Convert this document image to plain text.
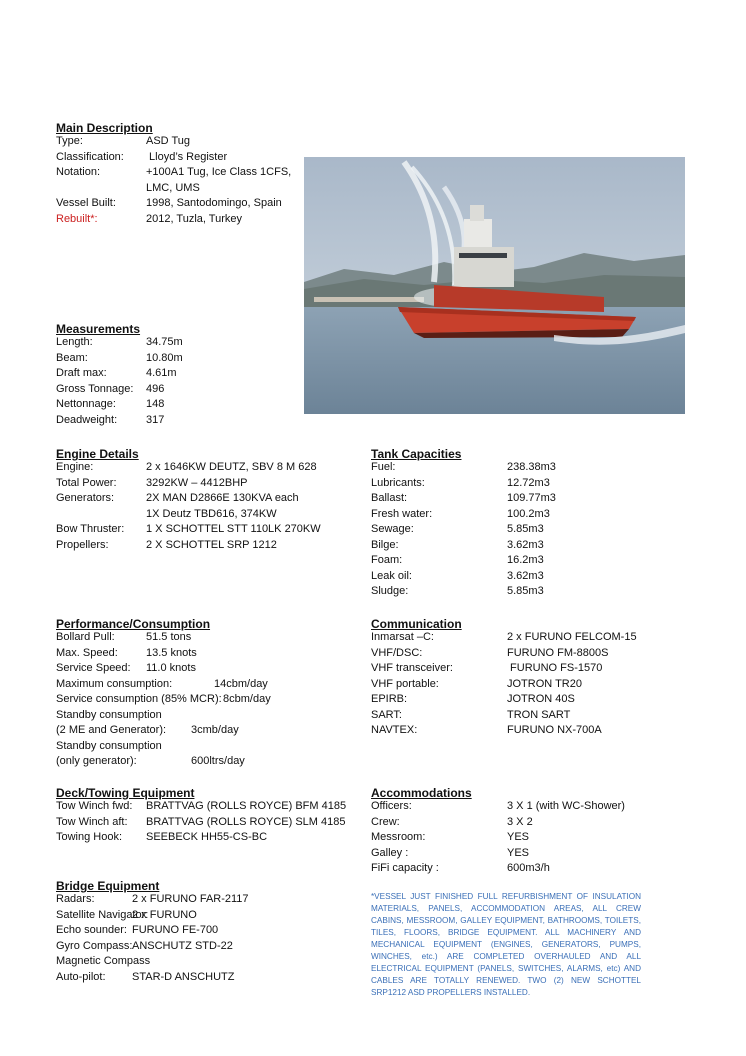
Main Description
Type:	ASD Tug
Classification: Lloyd’s Register
Notation:	+100A1 Tug, Ice Class 1CFS,
LMC, UMS
Vessel Built:	1998, Santodomingo, Spain
Rebuilt*:	2012, Tuzla, Turkey
Measurements
Length:	34.75m
Beam:	10.80m
Draft max:	4.61m
Gross Tonnage: 496
Nettonnage:	148
Deadweight:	317
Engine Details
Engine:	2 x 1646KW DEUTZ, SBV 8 M 628
Total Power:	3292KW – 4412BHP
Generators:	2X MAN D2866E 130KVA each
1X Deutz TBD616, 374KW
Bow Thruster: 1 X SCHOTTEL STT 110LK 270KW
Propellers:	2 X SCHOTTEL SRP 1212
Tank Capacities
Fuel:	238.38m3
Lubricants:	12.72m3
Ballast:	109.77m3
Fresh water:	100.2m3
Sewage:	5.85m3
Bilge:	3.62m3
Foam:	16.2m3
Leak oil:	3.62m3
Sludge:	5.85m3
Performance/Consumption
Bollard Pull:	51.5 tons
Max. Speed:	13.5 knots
Service Speed: 11.0 knots
Maximum consumption:	14cbm/day
Service consumption (85% MCR):8cbm/day
Standby consumption
(2 ME and Generator): 3cmb/day
Standby consumption
(only generator):	600ltrs/day
Communication
Inmarsat –C:	2 x FURUNO FELCOM-15
VHF/DSC:	FURUNO FM-8800S
VHF transceiver:	FURUNO FS-1570
VHF portable:	JOTRON TR20
EPIRB:	JOTRON 40S
SART:	TRON SART
NAVTEX:	FURUNO NX-700A
Deck/Towing Equipment
Tow Winch fwd: BRATTVAG (ROLLS ROYCE) BFM 4185
Tow Winch aft: BRATTVAG (ROLLS ROYCE) SLM 4185
Towing Hook: SEEBECK HH55-CS-BC
Accommodations
Officers:	3 X 1 (with WC-Shower)
Crew:	3 X 2
Messroom:	YES
Galley :	YES
FiFi capacity :	600m3/h
Bridge Equipment
Radars:	2 x FURUNO FAR-2117
Satellite Navigator:2 x FURUNO
Echo sounder: FURUNO FE-700
Gyro Compass:ANSCHUTZ STD-22
Magnetic Compass
Auto-pilot: STAR-D ANSCHUTZ
*VESSEL JUST FINISHED FULL REFURBISHMENT OF INSULATION MATERIALS, PANELS, ACCOMMODATION AREAS, ALL CREW CABINS, MESSROOM, GALLEY EQUIPMENT, BATHROOMS, TOILETS, TILES, FLOORS, BRIDGE EQUIPMENT. ALL MACHINERY AND MECHANICAL EQUIPMENT (ENGINES, GENERATORS, PUMPS, WINCHES, etc.) ARE COMPLETED OVERHAULED AND ALL ELECTRICAL EQUIPMENT (PANELS, SWITCHES, ALARMS, etc) AND CABLES ARE TOTALLY RENEWED. TWO (2) NEW SCHOTTEL SRP1212 ASD PROPELLERS INSTALLED.
